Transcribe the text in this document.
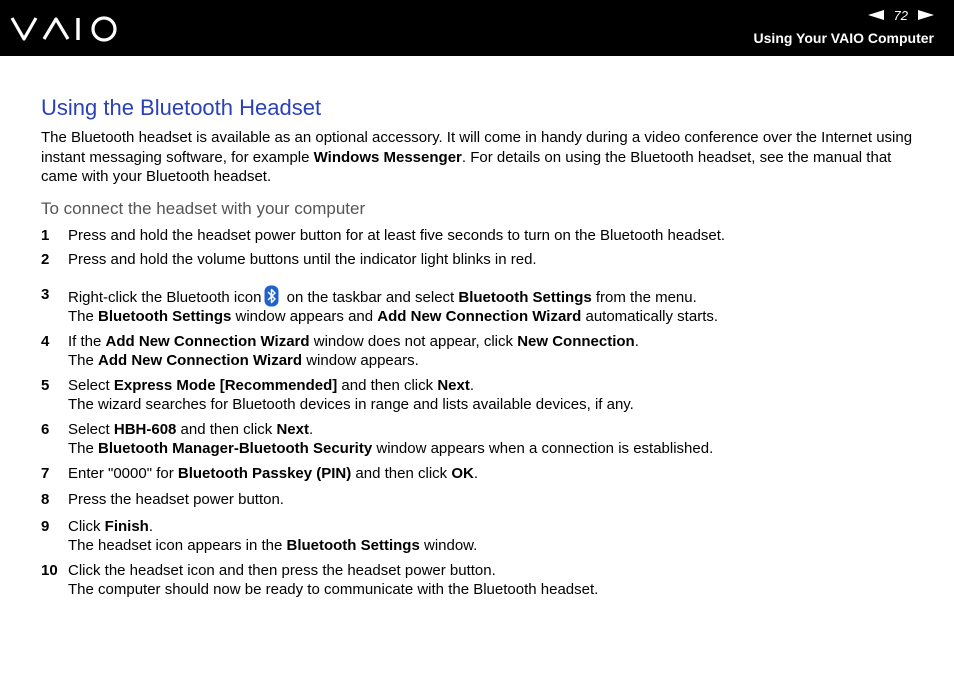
72
Using Your VAIO Computer
Using the Bluetooth Headset

The Bluetooth headset is available as an optional accessory. It will come in handy during a video conference over the Internet using instant messaging software, for example Windows Messenger. For details on using the Bluetooth headset, see the manual that came with your Bluetooth headset.

To connect the headset with your computer
1	Press and hold the headset power button for at least five seconds to turn on the Bluetooth headset.
2	Press and hold the volume buttons until the indicator light blinks in red.
3	Right-click the Bluetooth icon on the taskbar and select Bluetooth Settings from the menu.
The Bluetooth Settings window appears and Add New Connection Wizard automatically starts.
4	If the Add New Connection Wizard window does not appear, click New Connection.
The Add New Connection Wizard window appears.
5	Select Express Mode [Recommended] and then click Next.
The wizard searches for Bluetooth devices in range and lists available devices, if any.
6	Select HBH-608 and then click Next.
The Bluetooth Manager-Bluetooth Security window appears when a connection is established.
7	Enter "0000" for Bluetooth Passkey (PIN) and then click OK.
8	Press the headset power button.
9	Click Finish.
The headset icon appears in the Bluetooth Settings window.
10 Click the headset icon and then press the headset power button.
The computer should now be ready to communicate with the Bluetooth headset.
